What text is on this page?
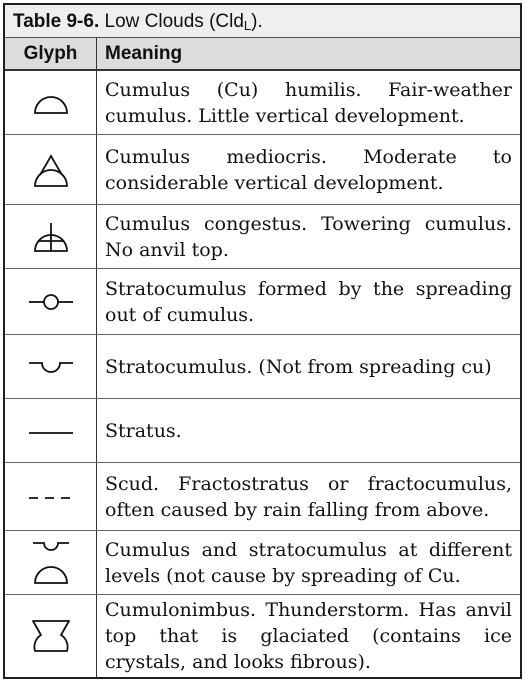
Table 9-6. Low Clouds (Cld$_L$).
Glyph	Meaning
Cumulus (Cu) humilis. Fair-weather cumulus. Little vertical development.
Cumulus mediocris. Moderate to considerable vertical development.
Cumulus congestus. Towering cumulus. No anvil top.
Stratocumulus formed by the spreading out of cumulus.
Stratocumulus. (Not from spreading cu)
Stratus.
Scud. Fractostratus or fractocumulus, often caused by rain falling from above.
Cumulus and stratocumulus at different levels (not cause by spreading of Cu.
Cumulonimbus. Thunderstorm. Has anvil top that is glaciated (contains ice crystals, and looks fibrous).
